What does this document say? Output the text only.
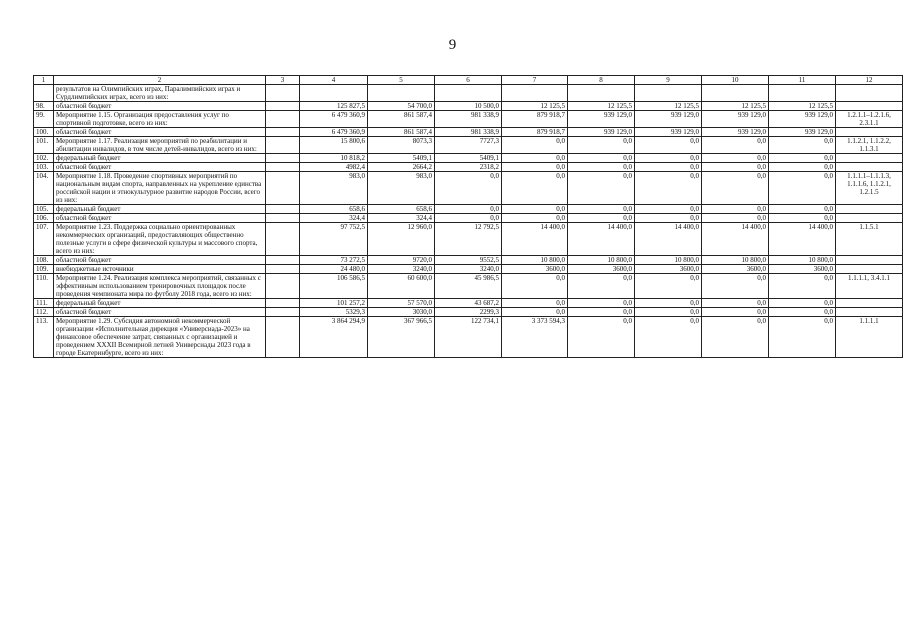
9
1	2	3	4	5	6	7	8	9	10	11	12
	результатов на Олимпийских играх, Паралимпийских играх и Сурдлимпийских играх, всего из них:										
98.	областной бюджет		125 827,5	54 700,0	10 500,0	12 125,5	12 125,5	12 125,5	12 125,5	12 125,5	
99.	Мероприятие 1.15. Организация предоставления услуг по спортивной подготовке, всего из них:		6 479 360,9	861 587,4	981 338,9	879 918,7	939 129,0	939 129,0	939 129,0	939 129,0	1.2.1.1–1.2.1.6, 2.3.1.1
100.	областной бюджет		6 479 360,9	861 587,4	981 338,9	879 918,7	939 129,0	939 129,0	939 129,0	939 129,0	
101.	Мероприятие 1.17. Реализация мероприятий по реабилитации и абилитации инвалидов, в том числе детей-инвалидов, всего из них:		15 800,6	8073,3	7727,3	0,0	0,0	0,0	0,0	0,0	1.1.2.1, 1.1.2.2, 1.1.3.1
102.	федеральный бюджет		10 818,2	5409,1	5409,1	0,0	0,0	0,0	0,0	0,0	
103.	областной бюджет		4982,4	2664,2	2318,2	0,0	0,0	0,0	0,0	0,0	
104.	Мероприятие 1.18. Проведение спортивных мероприятий по национальным видам спорта, направленных на укрепление единства российской нации и этнокультурное развитие народов России, всего из них:		983,0	983,0	0,0	0,0	0,0	0,0	0,0	0,0	1.1.1.1–1.1.1.3, 1.1.1.6, 1.1.2.1, 1.2.1.5
105.	федеральный бюджет		658,6	658,6	0,0	0,0	0,0	0,0	0,0	0,0	
106.	областной бюджет		324,4	324,4	0,0	0,0	0,0	0,0	0,0	0,0	
107.	Мероприятие 1.23. Поддержка социально ориентированных некоммерческих организаций, предоставляющих общественно полезные услуги в сфере физической культуры и массового спорта, всего из них:		97 752,5	12 960,0	12 792,5	14 400,0	14 400,0	14 400,0	14 400,0	14 400,0	1.1.5.1
108.	областной бюджет		73 272,5	9720,0	9552,5	10 800,0	10 800,0	10 800,0	10 800,0	10 800,0	
109.	внебюджетные источники		24 480,0	3240,0	3240,0	3600,0	3600,0	3600,0	3600,0	3600,0	
110.	Мероприятие 1.24. Реализация комплекса мероприятий, связанных с эффективным использованием тренировочных площадок после проведения чемпионата мира по футболу 2018 года, всего из них:		106 586,5	60 600,0	45 986,5	0,0	0,0	0,0	0,0	0,0	1.1.1.1, 3.4.1.1
111.	федеральный бюджет		101 257,2	57 570,0	43 687,2	0,0	0,0	0,0	0,0	0,0	
112.	областной бюджет		5329,3	3030,0	2299,3	0,0	0,0	0,0	0,0	0,0	
113.	Мероприятие 1.29. Субсидия автономной некоммерческой организации «Исполнительная дирекция «Универсиада-2023» на финансовое обеспечение затрат, связанных с организацией и проведением XXXII Всемирной летней Универсиады 2023 года в городе Екатеринбурге, всего из них:		3 864 294,9	367 966,5	122 734,1	3 373 594,3	0,0	0,0	0,0	0,0	1.1.1.1
